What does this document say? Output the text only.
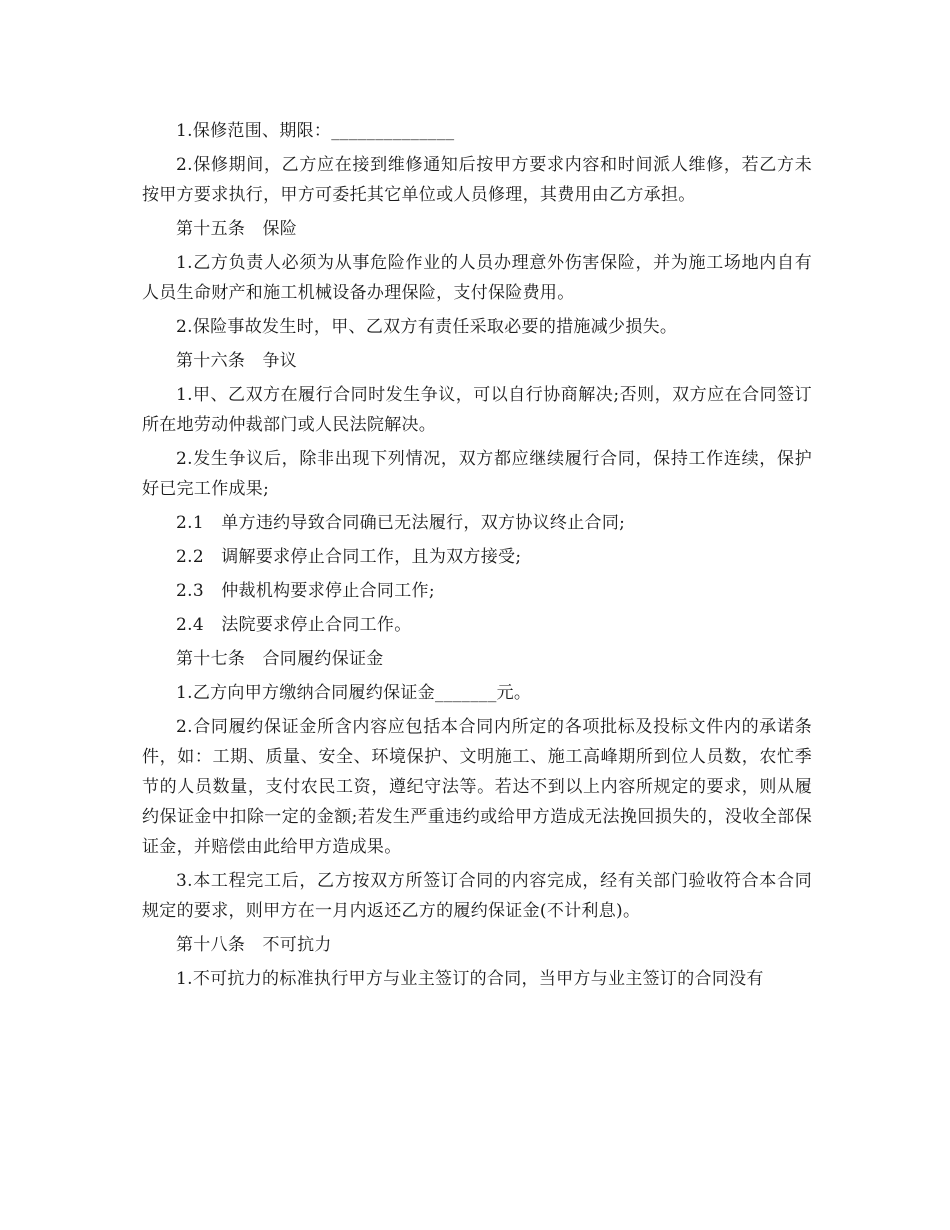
1.保修范围、期限：______________

2.保修期间，乙方应在接到维修通知后按甲方要求内容和时间派人维修，若乙方未按甲方要求执行，甲方可委托其它单位或人员修理，其费用由乙方承担。

第十五条　保险

1.乙方负责人必须为从事危险作业的人员办理意外伤害保险，并为施工场地内自有人员生命财产和施工机械设备办理保险，支付保险费用。

2.保险事故发生时，甲、乙双方有责任采取必要的措施减少损失。

第十六条　争议

1.甲、乙双方在履行合同时发生争议，可以自行协商解决;否则，双方应在合同签订所在地劳动仲裁部门或人民法院解决。

2.发生争议后，除非出现下列情况，双方都应继续履行合同，保持工作连续，保护好已完工作成果;

2.1　单方违约导致合同确已无法履行，双方协议终止合同;

2.2　调解要求停止合同工作，且为双方接受;

2.3　仲裁机构要求停止合同工作;

2.4　法院要求停止合同工作。

第十七条　合同履约保证金

1.乙方向甲方缴纳合同履约保证金_______元。

2.合同履约保证金所含内容应包括本合同内所定的各项批标及投标文件内的承诺条件，如：工期、质量、安全、环境保护、文明施工、施工高峰期所到位人员数，农忙季节的人员数量，支付农民工资，遵纪守法等。若达不到以上内容所规定的要求，则从履约保证金中扣除一定的金额;若发生严重违约或给甲方造成无法挽回损失的，没收全部保证金，并赔偿由此给甲方造成果。

3.本工程完工后，乙方按双方所签订合同的内容完成，经有关部门验收符合本合同规定的要求，则甲方在一月内返还乙方的履约保证金(不计利息)。

第十八条　不可抗力

1.不可抗力的标准执行甲方与业主签订的合同，当甲方与业主签订的合同没有
